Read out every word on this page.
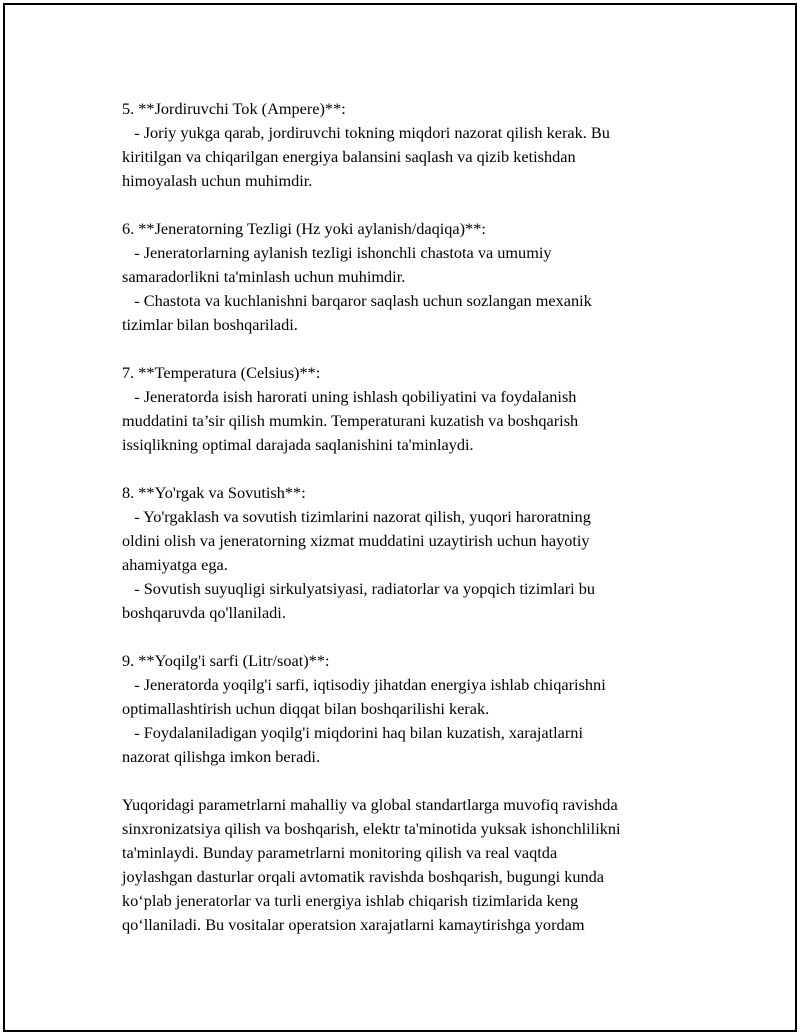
5. **Jordiruvchi Tok (Ampere)**:
- Joriy yukga qarab, jordiruvchi tokning miqdori nazorat qilish kerak. Bu
kiritilgan va chiqarilgan energiya balansini saqlash va qizib ketishdan
himoyalash uchun muhimdir.
6. **Jeneratorning Tezligi (Hz yoki aylanish/daqiqa)**:
- Jeneratorlarning aylanish tezligi ishonchli chastota va umumiy
samaradorlikni ta'minlash uchun muhimdir.
- Chastota va kuchlanishni barqaror saqlash uchun sozlangan mexanik
tizimlar bilan boshqariladi.
7. **Temperatura (Celsius)**:
- Jeneratorda isish harorati uning ishlash qobiliyatini va foydalanish
muddatini ta’sir qilish mumkin. Temperaturani kuzatish va boshqarish
issiqlikning optimal darajada saqlanishini ta'minlaydi.
8. **Yo'rgak va Sovutish**:
- Yo'rgaklash va sovutish tizimlarini nazorat qilish, yuqori haroratning
oldini olish va jeneratorning xizmat muddatini uzaytirish uchun hayotiy
ahamiyatga ega.
- Sovutish suyuqligi sirkulyatsiyasi, radiatorlar va yopqich tizimlari bu
boshqaruvda qo'llaniladi.
9. **Yoqilg'i sarfi (Litr/soat)**:
- Jeneratorda yoqilg'i sarfi, iqtisodiy jihatdan energiya ishlab chiqarishni
optimallashtirish uchun diqqat bilan boshqarilishi kerak.
- Foydalaniladigan yoqilg'i miqdorini haq bilan kuzatish, xarajatlarni
nazorat qilishga imkon beradi.
Yuqoridagi parametrlarni mahalliy va global standartlarga muvofiq ravishda
sinxronizatsiya qilish va boshqarish, elektr ta'minotida yuksak ishonchlilikni
ta'minlaydi. Bunday parametrlarni monitoring qilish va real vaqtda
joylashgan dasturlar orqali avtomatik ravishda boshqarish, bugungi kunda
ko‘plab jeneratorlar va turli energiya ishlab chiqarish tizimlarida keng
qo‘llaniladi. Bu vositalar operatsion xarajatlarni kamaytirishga yordam
